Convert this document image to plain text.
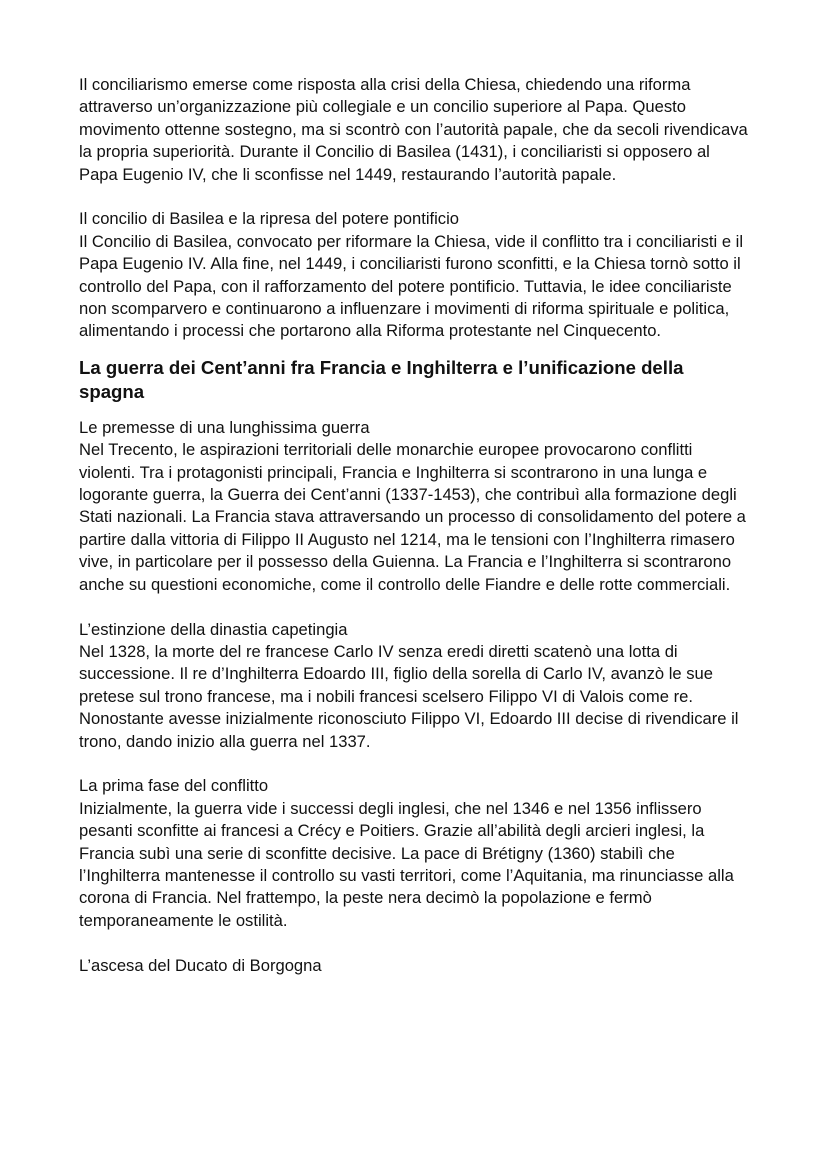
Il conciliarismo emerse come risposta alla crisi della Chiesa, chiedendo una riforma attraverso un’organizzazione più collegiale e un concilio superiore al Papa. Questo movimento ottenne sostegno, ma si scontrò con l’autorità papale, che da secoli rivendicava la propria superiorità. Durante il Concilio di Basilea (1431), i conciliaristi si opposero al Papa Eugenio IV, che li sconfisse nel 1449, restaurando l’autorità papale.

Il concilio di Basilea e la ripresa del potere pontificio
Il Concilio di Basilea, convocato per riformare la Chiesa, vide il conflitto tra i conciliaristi e il Papa Eugenio IV. Alla fine, nel 1449, i conciliaristi furono sconfitti, e la Chiesa tornò sotto il controllo del Papa, con il rafforzamento del potere pontificio. Tuttavia, le idee conciliariste non scomparvero e continuarono a influenzare i movimenti di riforma spirituale e politica, alimentando i processi che portarono alla Riforma protestante nel Cinquecento.

La guerra dei Cent’anni fra Francia e Inghilterra e l’unificazione della spagna

Le premesse di una lunghissima guerra
Nel Trecento, le aspirazioni territoriali delle monarchie europee provocarono conflitti violenti. Tra i protagonisti principali, Francia e Inghilterra si scontrarono in una lunga e logorante guerra, la Guerra dei Cent’anni (1337-1453), che contribuì alla formazione degli Stati nazionali. La Francia stava attraversando un processo di consolidamento del potere a partire dalla vittoria di Filippo II Augusto nel 1214, ma le tensioni con l’Inghilterra rimasero vive, in particolare per il possesso della Guienna. La Francia e l’Inghilterra si scontrarono anche su questioni economiche, come il controllo delle Fiandre e delle rotte commerciali.

L’estinzione della dinastia capetingia
Nel 1328, la morte del re francese Carlo IV senza eredi diretti scatenò una lotta di successione. Il re d’Inghilterra Edoardo III, figlio della sorella di Carlo IV, avanzò le sue pretese sul trono francese, ma i nobili francesi scelsero Filippo VI di Valois come re. Nonostante avesse inizialmente riconosciuto Filippo VI, Edoardo III decise di rivendicare il trono, dando inizio alla guerra nel 1337.

La prima fase del conflitto
Inizialmente, la guerra vide i successi degli inglesi, che nel 1346 e nel 1356 inflissero pesanti sconfitte ai francesi a Crécy e Poitiers. Grazie all’abilità degli arcieri inglesi, la Francia subì una serie di sconfitte decisive. La pace di Brétigny (1360) stabilì che l’Inghilterra mantenesse il controllo su vasti territori, come l’Aquitania, ma rinunciasse alla corona di Francia. Nel frattempo, la peste nera decimò la popolazione e fermò temporaneamente le ostilità.

L’ascesa del Ducato di Borgogna
